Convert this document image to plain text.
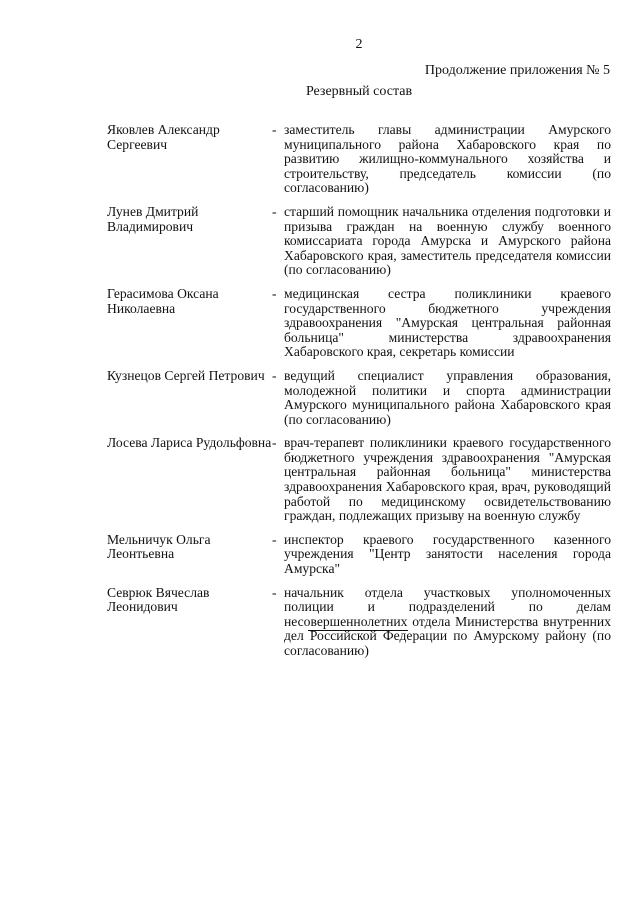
2
Продолжение приложения № 5
Резервный состав
Яковлев Александр Сергеевич
- заместитель главы администрации Амурского муниципального района Хабаровского края по развитию жилищно-коммунального хозяйства и строительству, председатель комиссии (по согласованию)
Лунев Дмитрий Владимирович
- старший помощник начальника отделения подготовки и призыва граждан на военную службу военного комиссариата города Амурска и Амурского района Хабаровского края, заместитель председателя комиссии (по согласованию)
Герасимова Оксана Николаевна
- медицинская сестра поликлиники краевого государственного бюджетного учреждения здравоохранения "Амурская центральная районная больница" министерства здравоохранения Хабаровского края, секретарь комиссии
Кузнецов Сергей Петрович - ведущий специалист управления образования, молодежной политики и спорта администрации Амурского муниципального района Хабаровского края (по согласованию)
Лосева Лариса Рудольфовна - врач-терапевт поликлиники краевого государственного бюджетного учреждения здравоохранения "Амурская центральная районная больница" министерства здравоохранения Хабаровского края, врач, руководящий работой по медицинскому освидетельствованию граждан, подлежащих призыву на военную службу
Мельничук Ольга Леонтьевна
- инспектор краевого государственного казенного учреждения "Центр занятости населения города Амурска"
Севрюк Вячеслав Леонидович
- начальник отдела участковых уполномоченных полиции и подразделений по делам несовершеннолетних отдела Министерства внутренних дел Российской Федерации по Амурскому району (по согласованию)
